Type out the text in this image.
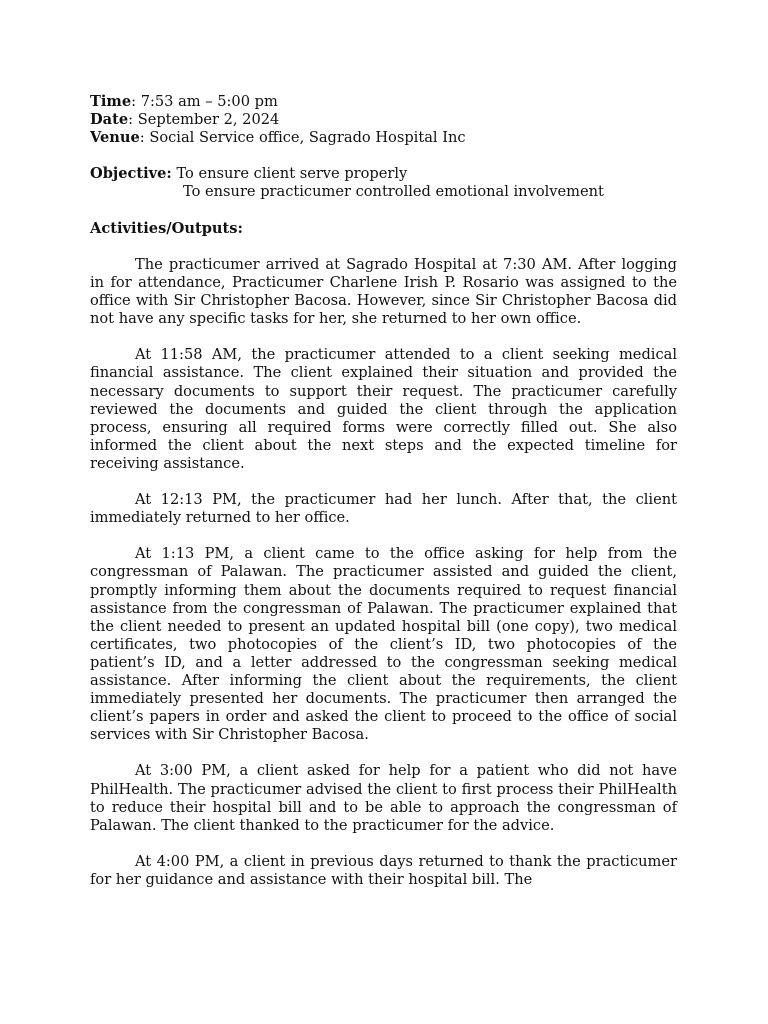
Time: 7:53 am – 5:00 pm
Date: September 2, 2024
Venue: Social Service office, Sagrado Hospital Inc
Objective: To ensure client serve properly
To ensure practicumer controlled emotional involvement
Activities/Outputs:

The practicumer arrived at Sagrado Hospital at 7:30 AM. After logging in for attendance, Practicumer Charlene Irish P. Rosario was assigned to the office with Sir Christopher Bacosa. However, since Sir Christopher Bacosa did not have any specific tasks for her, she returned to her own office.

At 11:58 AM, the practicumer attended to a client seeking medical financial assistance. The client explained their situation and provided the necessary documents to support their request. The practicumer carefully reviewed the documents and guided the client through the application process, ensuring all required forms were correctly filled out. She also informed the client about the next steps and the expected timeline for receiving assistance.

At 12:13 PM, the practicumer had her lunch. After that, the client immediately returned to her office.

At 1:13 PM, a client came to the office asking for help from the congressman of Palawan. The practicumer assisted and guided the client, promptly informing them about the documents required to request financial assistance from the congressman of Palawan. The practicumer explained that the client needed to present an updated hospital bill (one copy), two medical certificates, two photocopies of the client’s ID, two photocopies of the patient’s ID, and a letter addressed to the congressman seeking medical assistance. After informing the client about the requirements, the client immediately presented her documents. The practicumer then arranged the client’s papers in order and asked the client to proceed to the office of social services with Sir Christopher Bacosa.

At 3:00 PM, a client asked for help for a patient who did not have PhilHealth. The practicumer advised the client to first process their PhilHealth to reduce their hospital bill and to be able to approach the congressman of Palawan. The client thanked to the practicumer for the advice.

At 4:00 PM, a client in previous days returned to thank the practicumer for her guidance and assistance with their hospital bill. The
